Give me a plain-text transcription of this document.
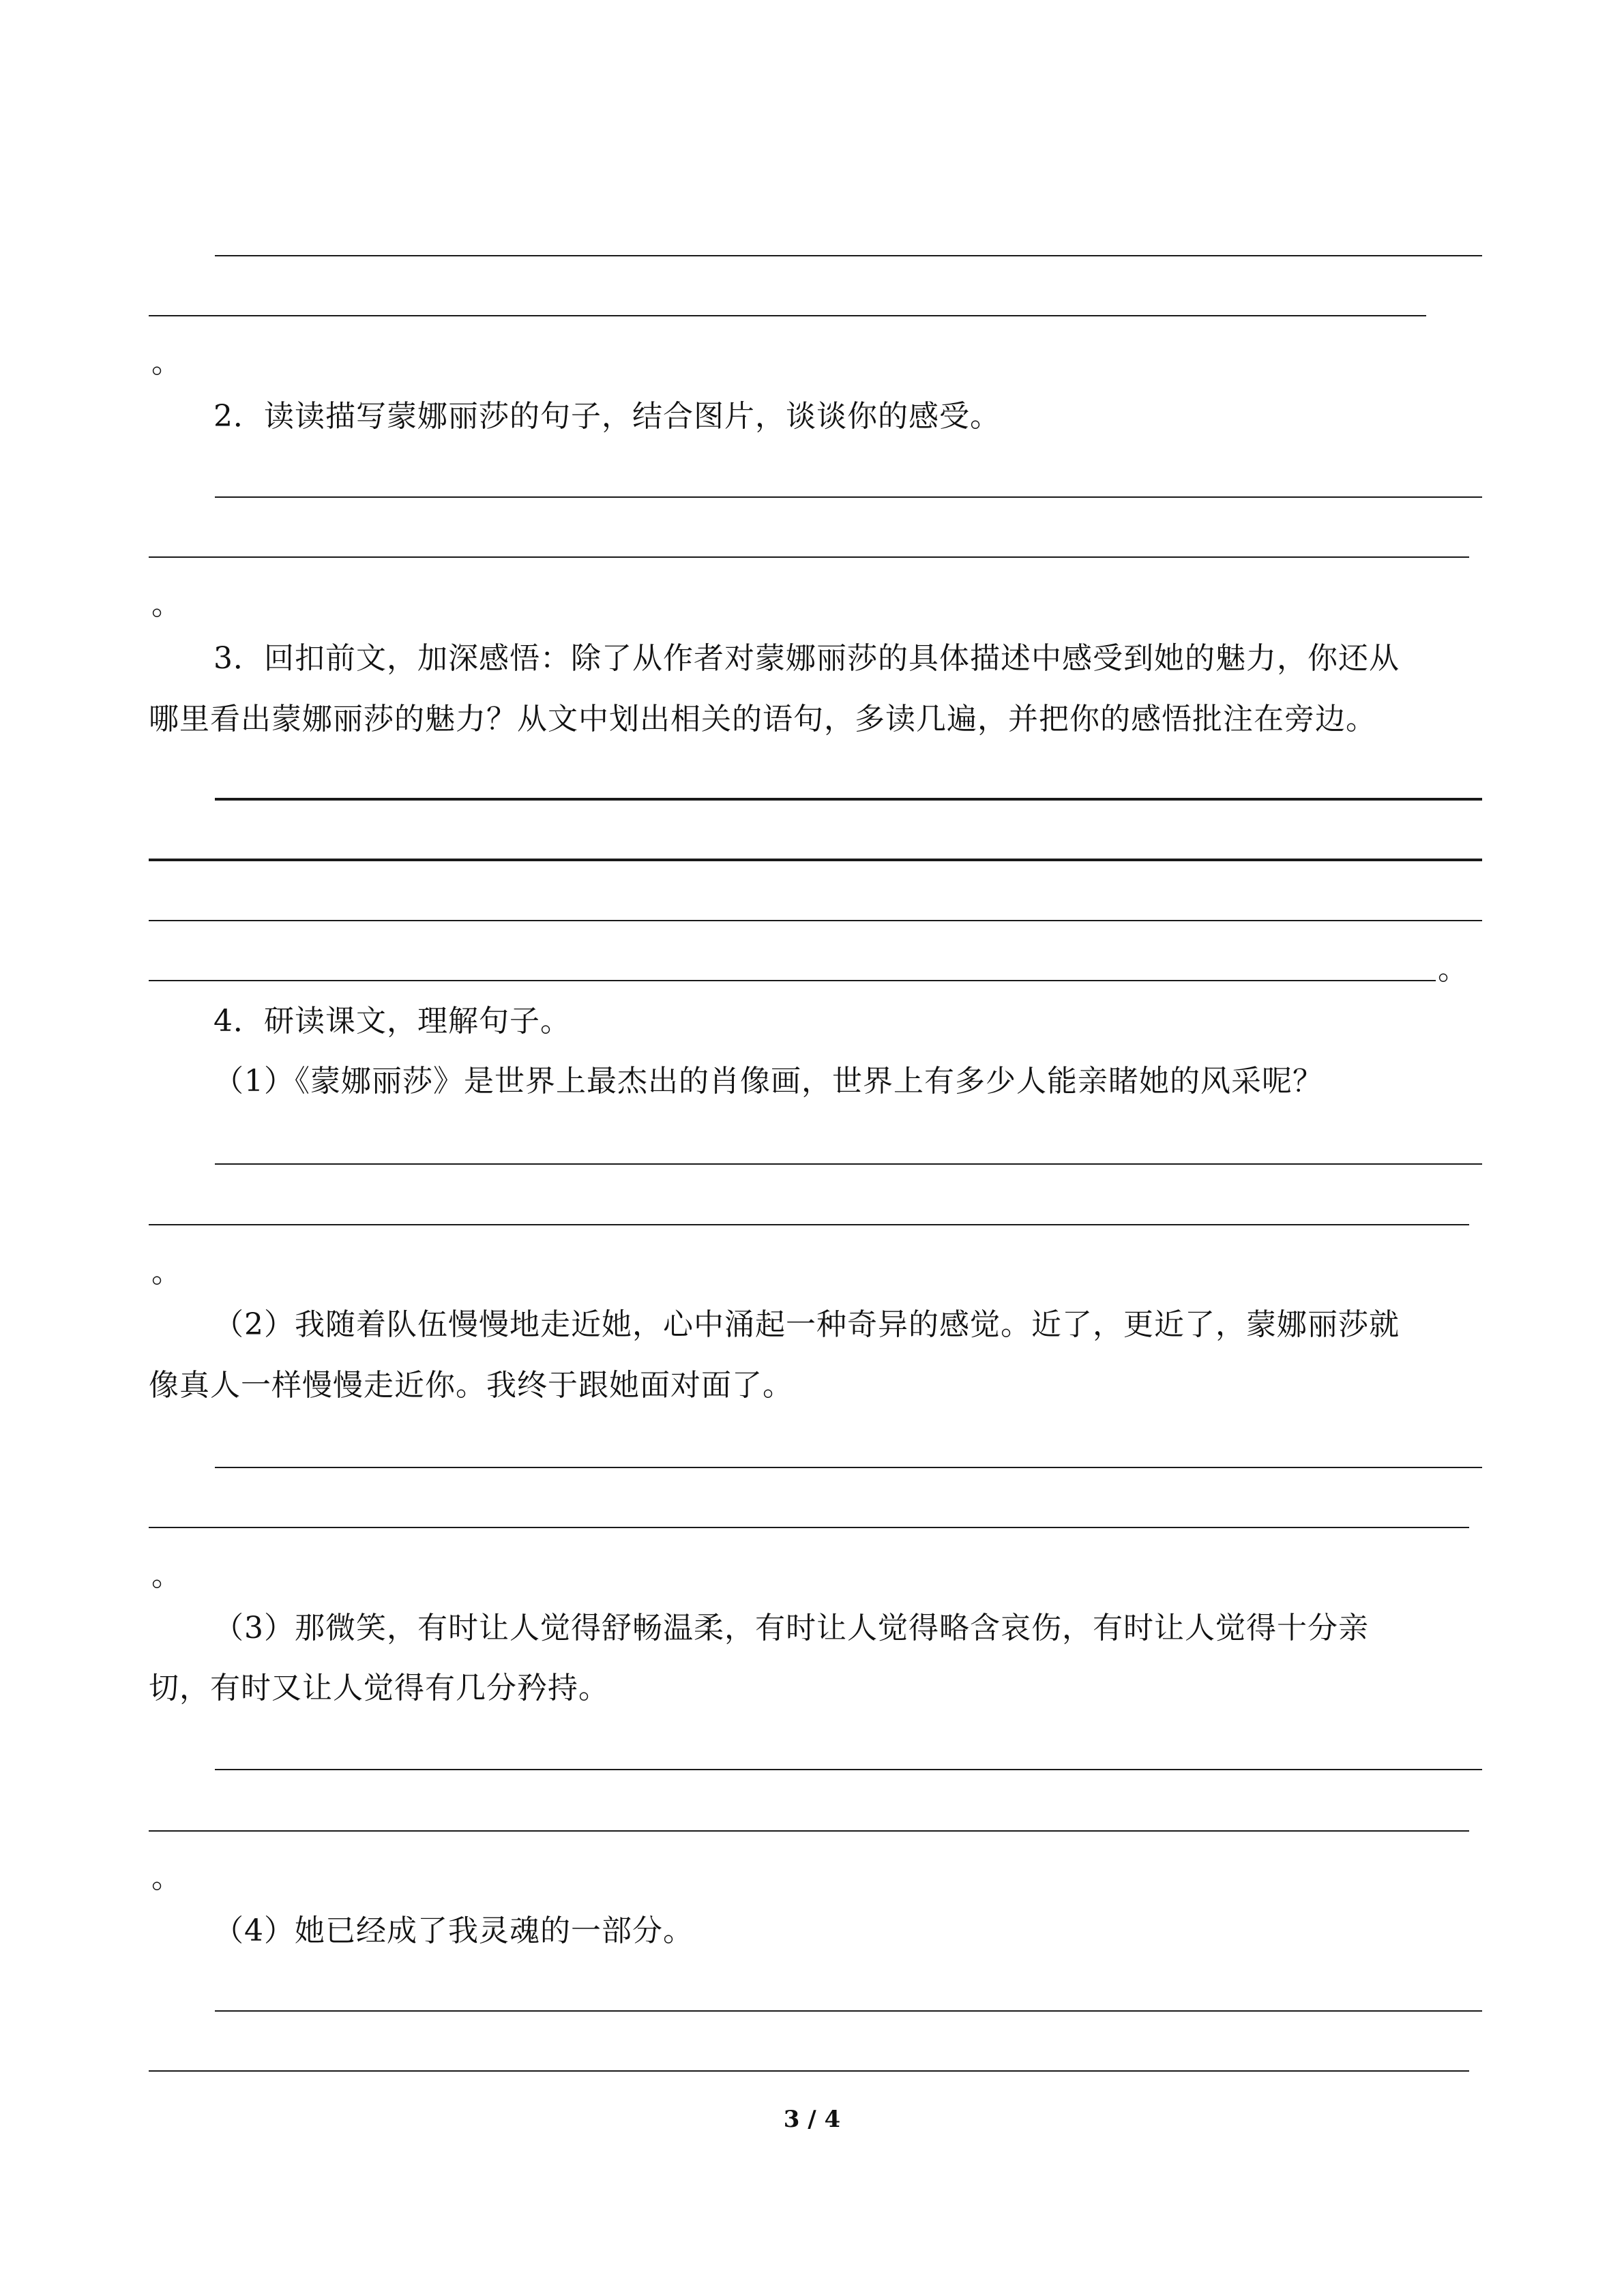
。
2．读读描写蒙娜丽莎的句子，结合图片，谈谈你的感受。
。
3．回扣前文，加深感悟：除了从作者对蒙娜丽莎的具体描述中感受到她的魅力，你还从
哪里看出蒙娜丽莎的魅力？从文中划出相关的语句，多读几遍，并把你的感悟批注在旁边。
。
4．研读课文，理解句子。
（1）《蒙娜丽莎》是世界上最杰出的肖像画，世界上有多少人能亲睹她的风采呢？
。
（2）我随着队伍慢慢地走近她，心中涌起一种奇异的感觉。近了，更近了，蒙娜丽莎就
像真人一样慢慢走近你。我终于跟她面对面了。
。
（3）那微笑，有时让人觉得舒畅温柔，有时让人觉得略含哀伤，有时让人觉得十分亲
切，有时又让人觉得有几分矜持。
。
（4）她已经成了我灵魂的一部分。
3 / 4
